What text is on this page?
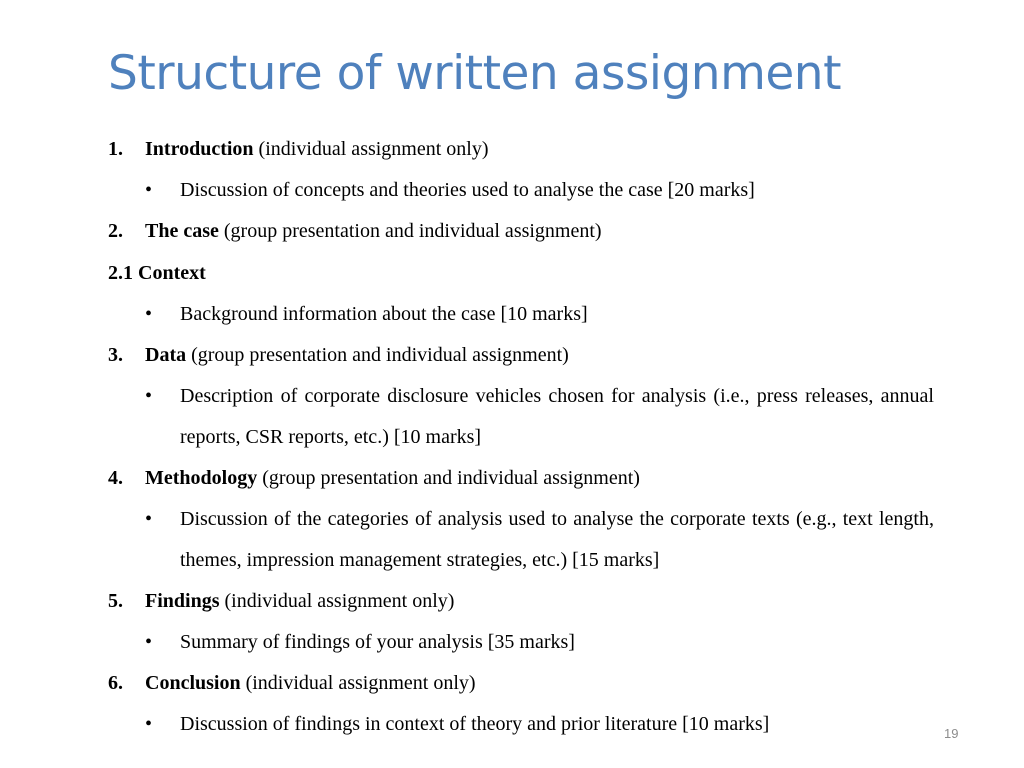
Structure of written assignment
1. Introduction (individual assignment only)
• Discussion of concepts and theories used to analyse the case [20 marks]
2. The case (group presentation and individual assignment)
2.1 Context
• Background information about the case [10 marks]
3. Data (group presentation and individual assignment)
• Description of corporate disclosure vehicles chosen for analysis (i.e., press releases, annual reports, CSR reports, etc.) [10 marks]
4. Methodology (group presentation and individual assignment)
• Discussion of the categories of analysis used to analyse the corporate texts (e.g., text length, themes, impression management strategies, etc.) [15 marks]
5. Findings (individual assignment only)
• Summary of findings of your analysis [35 marks]
6. Conclusion (individual assignment only)
• Discussion of findings in context of theory and prior literature [10 marks]	19
